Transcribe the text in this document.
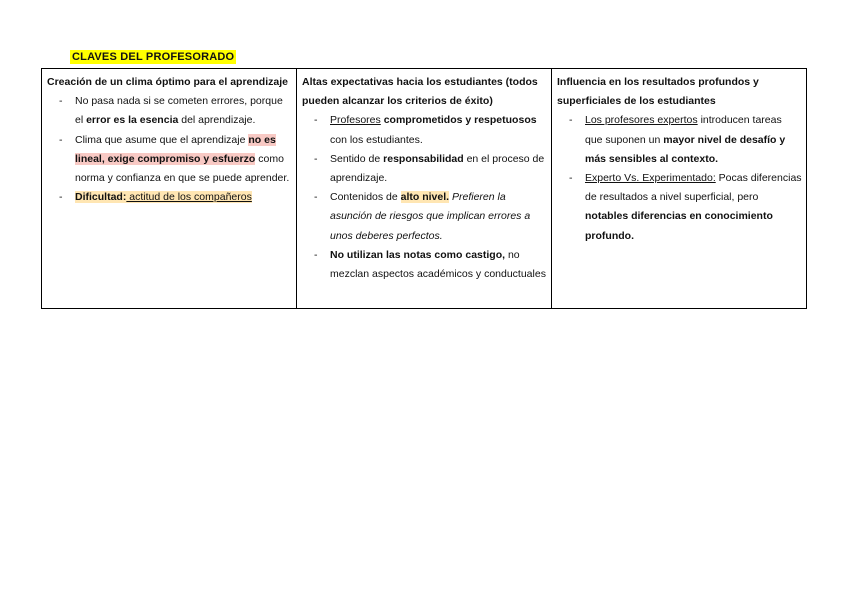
CLAVES DEL PROFESORADO
Creación de un clima óptimo para el aprendizaje
- No pasa nada si se cometen errores, porque el error es la esencia del aprendizaje.
- Clima que asume que el aprendizaje no es lineal, exige compromiso y esfuerzo como norma y confianza en que se puede aprender.
- Dificultad: actitud de los compañeros

Altas expectativas hacia los estudiantes (todos pueden alcanzar los criterios de éxito)
- Profesores comprometidos y respetuosos con los estudiantes.
- Sentido de responsabilidad en el proceso de aprendizaje.
- Contenidos de alto nivel. Prefieren la asunción de riesgos que implican errores a unos deberes perfectos.
- No utilizan las notas como castigo, no mezclan aspectos académicos y conductuales

Influencia en los resultados profundos y superficiales de los estudiantes
- Los profesores expertos introducen tareas que suponen un mayor nivel de desafío y más sensibles al contexto.
- Experto Vs. Experimentado: Pocas diferencias de resultados a nivel superficial, pero notables diferencias en conocimiento profundo.
